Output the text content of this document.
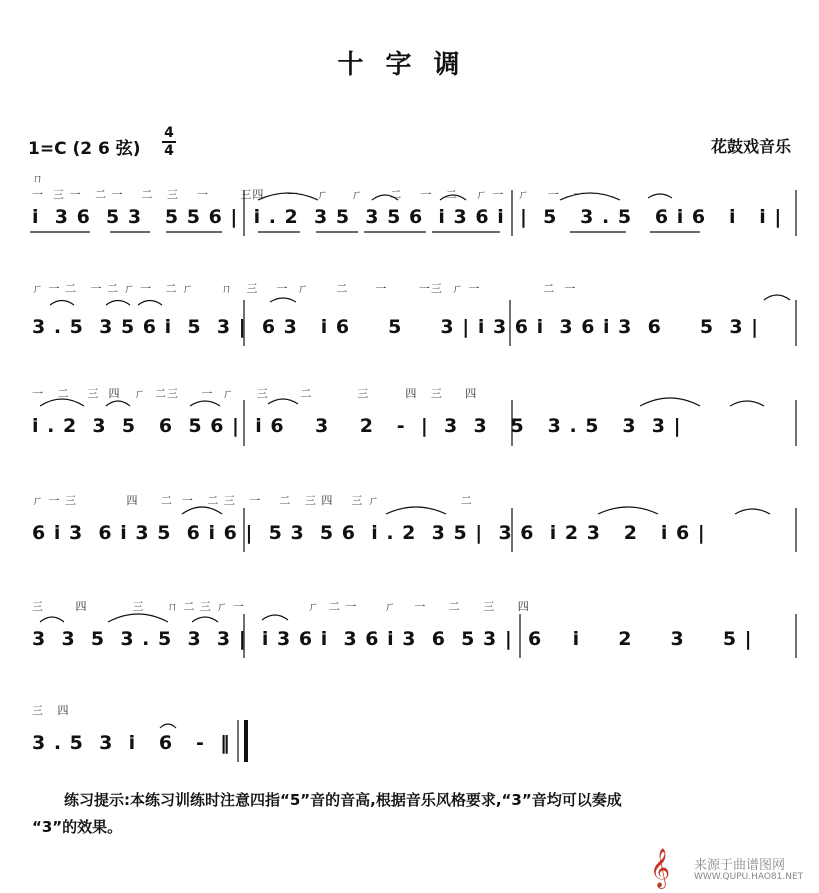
十字调
1=C (2 6 弦)
4
4	花鼓戏音乐
ㄇ
一  三 一   二 一    二   三    一       三四     一    ㄏ     ㄏ      二    一   二    ㄏ 一   ㄏ    一   一
i  3 6  5 3   5 5 6 |  i . 2  3 5  3 5 6  i 3 6 i  |  5   3 . 5   6 i 6   i   i |
ㄏ 一 二   一 二 ㄏ 一   二 ㄏ      ㄇ   三    一  ㄏ      二      一       一三  ㄏ 一              二  一
3 . 5  3 5 6 i  5  3 |  6 3   i 6     5     3 | i 3 6 i  3 6 i 3  6     5  3 |
一   二    三  四   ㄏ  二三     一  ㄏ     三       二          三        四   三     四
i . 2  3  5   6  5 6 |  i 6    3    2   -  |  3  3   5   3 . 5   3  3 |
ㄏ 一 三           四     二  一   二 三   一    二   三 四    三 ㄏ                  二
6 i 3  6 i 3 5  6 i 6 |  5 3  5 6  i . 2  3 5 |  3 6  i 2 3   2   i 6 |
三       四          三     ㄇ 二 三 ㄏ 一              ㄏ  二 一      ㄏ    一     二     三     四
3  3  5  3 . 5  3  3 |  i 3 6 i  3 6 i 3  6  5 3 |  6    i     2     3     5 |
三   四
3 . 5  3  i   6   -  ‖
练习提示:本练习训练时注意四指“5”音的音高,根据音乐风格要求,“3”音均可以奏成
“3”的效果。
𝄞 来源于曲谱图网
WWW.QUPU.HAO81.NET
